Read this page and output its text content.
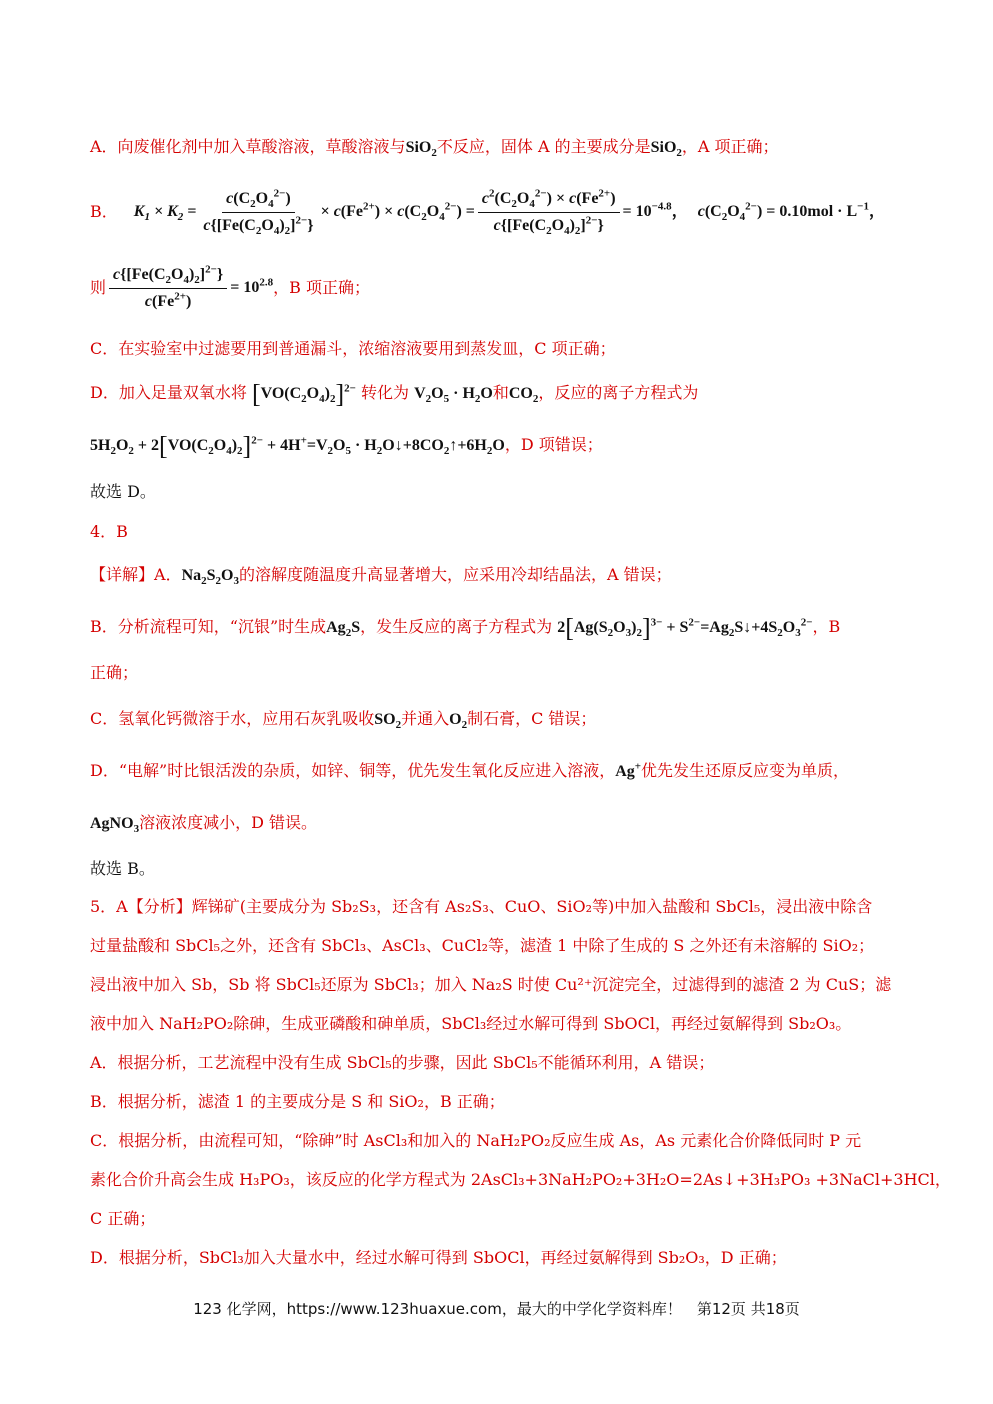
A．向废催化剂中加入草酸溶液，草酸溶液与SiO$_2$不反应，固体 A 的主要成分是SiO$_2$，A 项正确；
B． $K_1 \times K_2 = \frac{c(C_2O_4^{2-})}{c\{[Fe(C_2O_4)_2]^{2-}\}} \times c(Fe^{2+}) \times c(C_2O_4^{2-}) = \frac{c^2(C_2O_4^{2-}) \times c(Fe^{2+})}{c\{[Fe(C_2O_4)_2]^{2-}\}} = 10^{-4.8}$， $c(C_2O_4^{2-}) = 0.10mol \cdot L^{-1}$，
则 $\frac{c\{[Fe(C_2O_4)_2]^{2-}\}}{c(Fe^{2+})} = 10^{2.8}$ ，B 项正确；
C．在实验室中过滤要用到普通漏斗，浓缩溶液要用到蒸发皿，C 项正确；
D．加入足量双氧水将 $[VO(C_2O_4)_2]^{2-}$ 转化为 $V_2O_5 \cdot H_2O$和$CO_2$，反应的离子方程式为
$5H_2O_2 + 2[VO(C_2O_4)_2]^{2-} + 4H^+=V_2O_5$ · $H_2O↓+8CO_2↑+6H_2O$，D 项错误；
故选 D。
4．B
【详解】A．$Na_2S_2O_3$的溶解度随温度升高显著增大，应采用冷却结晶法，A 错误；
B．分析流程可知，“沉银”时生成$Ag_2S$，发生反应的离子方程式为 $2[Ag(S_2O_3)_2]^{3-}$ + $S^{2-}=Ag_2S↓+4S_2O_3^{2-}$，B
正确；
C．氢氧化钙微溶于水，应用石灰乳吸收$SO_2$并通入$O_2$制石膏，C 错误；
D．“电解”时比银活泼的杂质，如锌、铜等，优先发生氧化反应进入溶液，Ag+优先发生还原反应变为单质，
AgNO$_3$溶液浓度减小，D 错误。
故选 B。
5．A【分析】辉锑矿(主要成分为 Sb₂S₃，还含有 As₂S₃、CuO、SiO₂等)中加入盐酸和 SbCl₅，浸出液中除含
过量盐酸和 SbCl₅之外，还含有 SbCl₃、AsCl₃、CuCl₂等，滤渣 1 中除了生成的 S 之外还有未溶解的 SiO₂；
浸出液中加入 Sb，Sb 将 SbCl₅还原为 SbCl₃；加入 Na₂S 时使 Cu²⁺沉淀完全，过滤得到的滤渣 2 为 CuS；滤
液中加入 NaH₂PO₂除砷，生成亚磷酸和砷单质，SbCl₃经过水解可得到 SbOCl，再经过氨解得到 Sb₂O₃。
A．根据分析，工艺流程中没有生成 SbCl₅的步骤，因此 SbCl₅不能循环利用，A 错误；
B．根据分析，滤渣 1 的主要成分是 S 和 SiO₂，B 正确；
C．根据分析，由流程可知，“除砷”时 AsCl₃和加入的 NaH₂PO₂反应生成 As，As 元素化合价降低同时 P 元
素化合价升高会生成 H₃PO₃，该反应的化学方程式为 2AsCl₃+3NaH₂PO₂+3H₂O=2As↓+3H₃PO₃ +3NaCl+3HCl，
C 正确；
D．根据分析，SbCl₃加入大量水中，经过水解可得到 SbOCl，再经过氨解得到 Sb₂O₃，D 正确；
123 化学网，https://www.123huaxue.com，最大的中学化学资料库！　第12页 共18页
